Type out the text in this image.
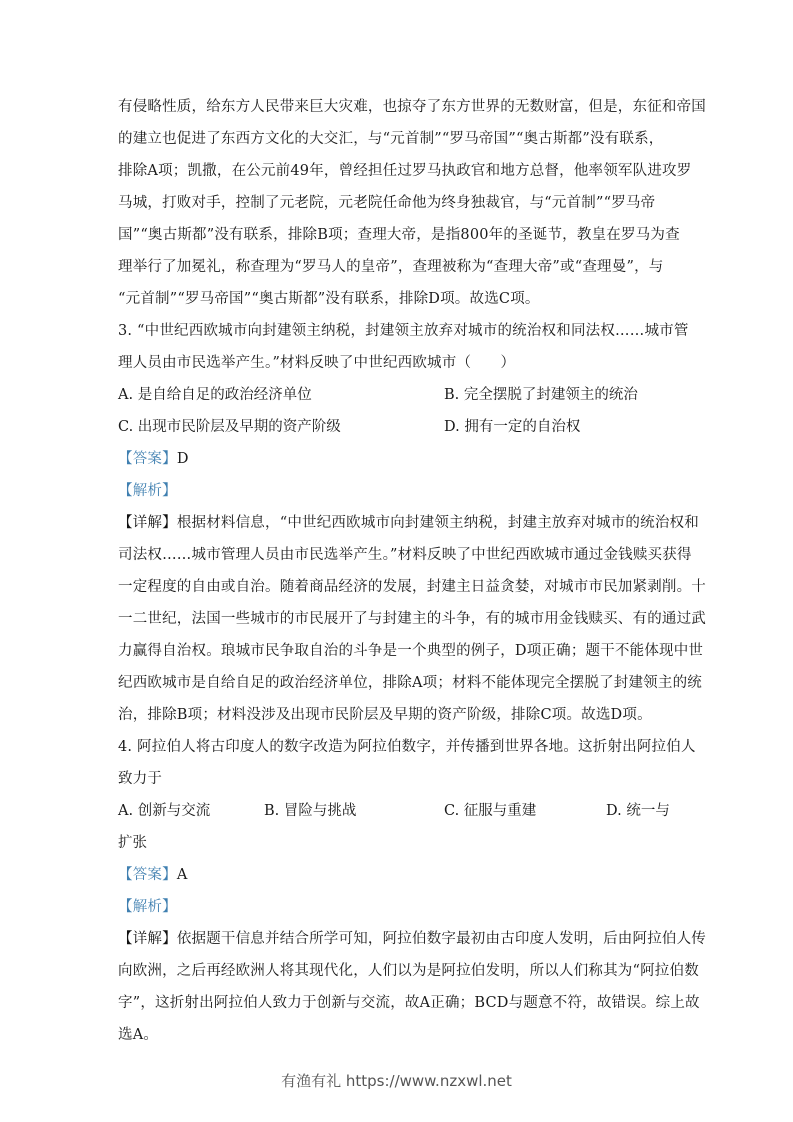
有侵略性质，给东方人民带来巨大灾难，也掠夺了东方世界的无数财富，但是，东征和帝国
的建立也促进了东西方文化的大交汇，与“元首制”“罗马帝国”“奥古斯都”没有联系，
排除A项；凯撒，在公元前49年，曾经担任过罗马执政官和地方总督，他率领军队进攻罗
马城，打败对手，控制了元老院，元老院任命他为终身独裁官，与“元首制”“罗马帝
国”“奥古斯都”没有联系，排除B项；查理大帝，是指800年的圣诞节，教皇在罗马为查
理举行了加冕礼，称查理为“罗马人的皇帝”，查理被称为“查理大帝”或“查理曼”，与
“元首制”“罗马帝国”“奥古斯都”没有联系，排除D项。故选C项。
3. “中世纪西欧城市向封建领主纳税，封建领主放弃对城市的统治权和同法权……城市管
理人员由市民选举产生。”材料反映了中世纪西欧城市（　　）
A. 是自给自足的政治经济单位	B. 完全摆脱了封建领主的统治
C. 出现市民阶层及早期的资产阶级	D. 拥有一定的自治权
【答案】D
【解析】
【详解】根据材料信息，“中世纪西欧城市向封建领主纳税，封建主放弃对城市的统治权和
司法权……城市管理人员由市民选举产生。”材料反映了中世纪西欧城市通过金钱赎买获得
一定程度的自由或自治。随着商品经济的发展，封建主日益贪婪，对城市市民加紧剥削。十
一二世纪，法国一些城市的市民展开了与封建主的斗争，有的城市用金钱赎买、有的通过武
力赢得自治权。琅城市民争取自治的斗争是一个典型的例子，D项正确；题干不能体现中世
纪西欧城市是自给自足的政治经济单位，排除A项；材料不能体现完全摆脱了封建领主的统
治，排除B项；材料没涉及出现市民阶层及早期的资产阶级，排除C项。故选D项。
4. 阿拉伯人将古印度人的数字改造为阿拉伯数字，并传播到世界各地。这折射出阿拉伯人
致力于
A. 创新与交流	B. 冒险与挑战	C. 征服与重建	D. 统一与
扩张
【答案】A
【解析】
【详解】依据题干信息并结合所学可知，阿拉伯数字最初由古印度人发明，后由阿拉伯人传
向欧洲，之后再经欧洲人将其现代化，人们以为是阿拉伯发明，所以人们称其为“阿拉伯数
字”，这折射出阿拉伯人致力于创新与交流，故A正确；BCD与题意不符，故错误。综上故
选A。
有渔有礼 https://www.nzxwl.net
